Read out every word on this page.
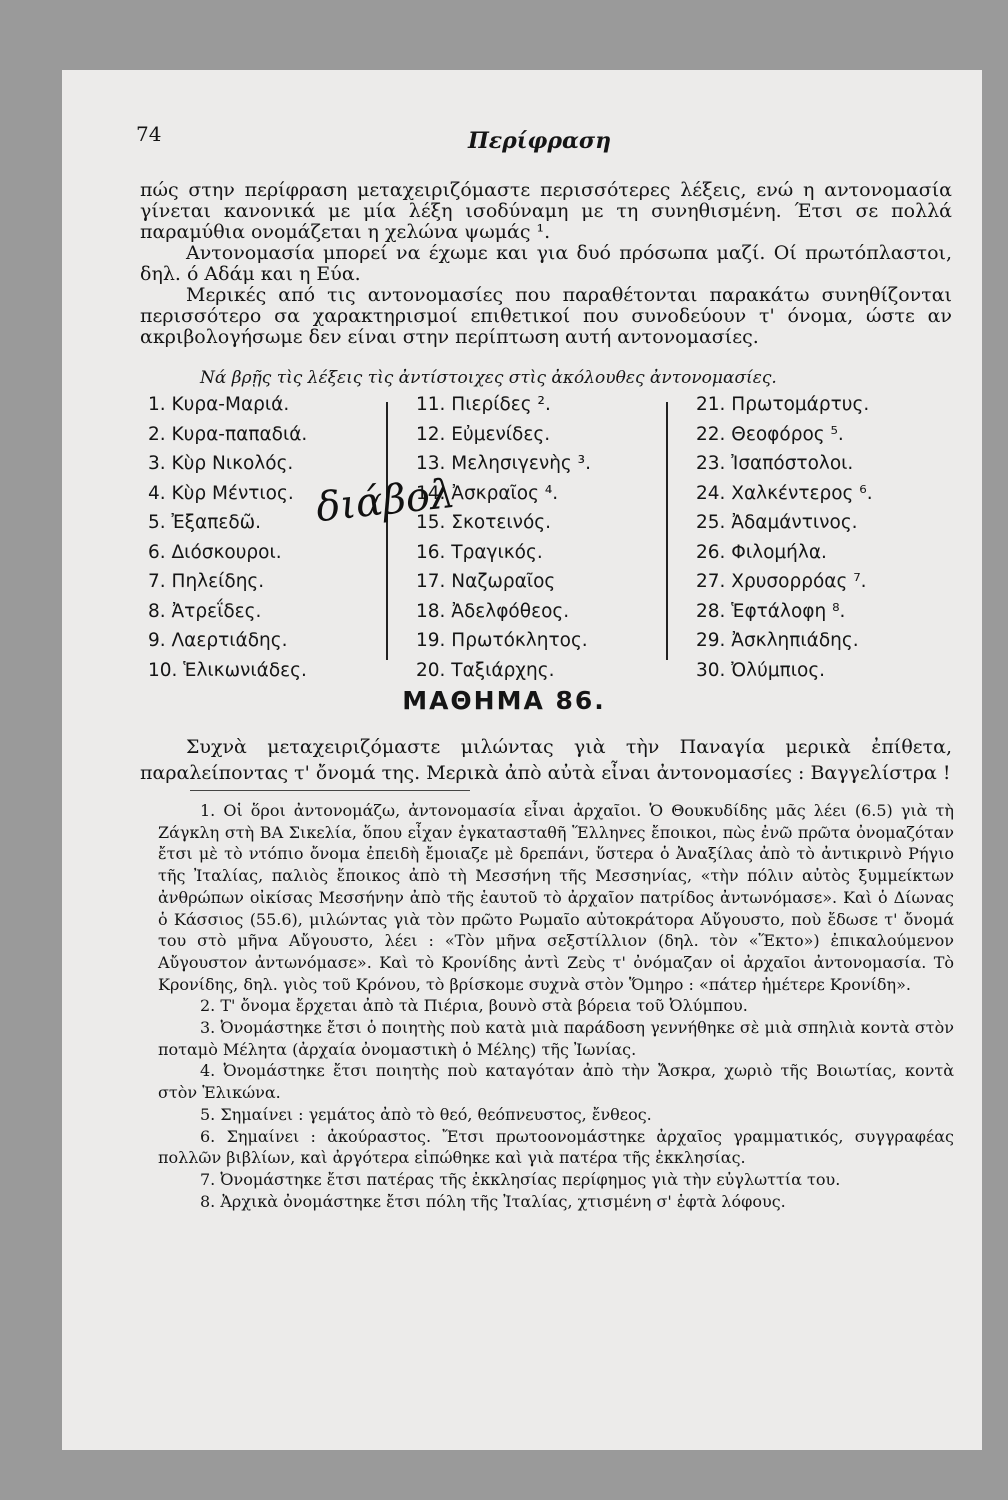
74	Περίφραση

πώς στην περίφραση μεταχειριζόμαστε περισσότερες λέξεις, ενώ η αντονομασία γίνεται κανονικά με μία λέξη ισοδύναμη με τη συνηθισμένη. Έτσι σε πολλά παραμύθια ονομάζεται η χελώνα ψωμάς ¹.

Αντονομασία μπορεί να έχωμε και για δυό πρόσωπα μαζί. Οί πρωτόπλαστοι, δηλ. ό Αδάμ και η Εύα.

Μερικές από τις αντονομασίες που παραθέτονται παρακάτω συνηθίζονται περισσότερο σα χαρακτηρισμοί επιθετικοί που συνοδεύουν τ' όνομα, ώστε αν ακριβολογήσωμε δεν είναι στην περίπτωση αυτή αντονομασίες.

Νά βρῇς τὶς λέξεις τὶς ἀντίστοιχες στὶς ἀκόλουθες ἀντονομασίες.
1. Κυρα-Μαριά.
2. Κυρα-παπαδιά.
3. Κὺρ Νικολός.
4. Κὺρ Μέντιος.
5. Ἐξαπεδῶ.
6. Διόσκουροι.
7. Πηλείδης.
8. Ἀτρεΐδες.
9. Λαερτιάδης.
10. Ἑλικωνιάδες.
11. Πιερίδες ².
12. Εὐμενίδες.
13. Μελησιγενὴς ³.
14. Ἀσκραῖος ⁴.
15. Σκοτεινός.
16. Τραγικός.
17. Ναζωραῖος
18. Ἀδελφόθεος.
19. Πρωτόκλητος.
20. Ταξιάρχης.
21. Πρωτομάρτυς.
22. Θεοφόρος ⁵.
23. Ἰσαπόστολοι.
24. Χαλκέντερος ⁶.
25. Ἀδαμάντινος.
26. Φιλομήλα.
27. Χρυσορρόας ⁷.
28. Ἑφτάλοφη ⁸.
29. Ἀσκληπιάδης.
30. Ὀλύμπιος.
διάβολ
ΜΑΘΗΜΑ 86.

Συχνὰ μεταχειριζόμαστε μιλώντας γιὰ τὴν Παναγία μερικὰ ἐπίθετα, παραλείποντας τ' ὄνομά της. Μερικὰ ἀπὸ αὐτὰ εἶναι ἀντονομασίες : Βαγγελίστρα !

1. Οἱ ὅροι ἀντονομάζω, ἀντονομασία εἶναι ἀρχαῖοι. Ὁ Θουκυδίδης μᾶς λέει (6.5) γιὰ τὴ Ζάγκλη στὴ ΒΑ Σικελία, ὅπου εἶχαν ἐγκατασταθῆ Ἕλληνες ἔποικοι, πὼς ἐνῶ πρῶτα ὀνομαζόταν ἔτσι μὲ τὸ ντόπιο ὄνομα ἐπειδὴ ἔμοιαζε μὲ δρεπάνι, ὕστερα ὁ Ἀναξίλας ἀπὸ τὸ ἀντικρινὸ Ρήγιο τῆς Ἰταλίας, παλιὸς ἔποικος ἀπὸ τὴ Μεσσήνη τῆς Μεσσηνίας, «τὴν πόλιν αὐτὸς ξυμμείκτων ἀνθρώπων οἰκίσας Μεσσήνην ἀπὸ τῆς ἑαυτοῦ τὸ ἀρχαῖον πατρίδος ἀντωνόμασε». Καὶ ὁ Δίωνας ὁ Κάσσιος (55.6), μιλώντας γιὰ τὸν πρῶτο Ρωμαῖο αὐτοκράτορα Αὔγουστο, ποὺ ἔδωσε τ' ὄνομά του στὸ μῆνα Αὔγουστο, λέει : «Τὸν μῆνα σεξστίλλιον (δηλ. τὸν «Ἕκτο») ἐπικαλούμενον Αὔγουστον ἀντωνόμασε». Καὶ τὸ Κρονίδης ἀντὶ Ζεὺς τ' ὀνόμαζαν οἱ ἀρχαῖοι ἀντονομασία. Τὸ Κρονίδης, δηλ. γιὸς τοῦ Κρόνου, τὸ βρίσκομε συχνὰ στὸν Ὅμηρο : «πάτερ ἡμέτερε Κρονίδη».

2. Τ' ὄνομα ἔρχεται ἀπὸ τὰ Πιέρια, βουνὸ στὰ βόρεια τοῦ Ὀλύμπου.

3. Ὀνομάστηκε ἔτσι ὁ ποιητὴς ποὺ κατὰ μιὰ παράδοση γεννήθηκε σὲ μιὰ σπηλιὰ κοντὰ στὸν ποταμὸ Μέλητα (ἀρχαία ὀνομαστικὴ ὁ Μέλης) τῆς Ἰωνίας.

4. Ὀνομάστηκε ἔτσι ποιητὴς ποὺ καταγόταν ἀπὸ τὴν Ἄσκρα, χωριὸ τῆς Βοιωτίας, κοντὰ στὸν Ἑλικώνα.

5. Σημαίνει : γεμάτος ἀπὸ τὸ θεό, θεόπνευστος, ἔνθεος.

6. Σημαίνει : ἀκούραστος. Ἔτσι πρωτοονομάστηκε ἀρχαῖος γραμματικός, συγγραφέας πολλῶν βιβλίων, καὶ ἀργότερα εἰπώθηκε καὶ γιὰ πατέρα τῆς ἐκκλησίας.

7. Ὀνομάστηκε ἔτσι πατέρας τῆς ἐκκλησίας περίφημος γιὰ τὴν εὐγλωττία του.

8. Ἀρχικὰ ὀνομάστηκε ἔτσι πόλη τῆς Ἰταλίας, χτισμένη σ' ἑφτὰ λόφους.
